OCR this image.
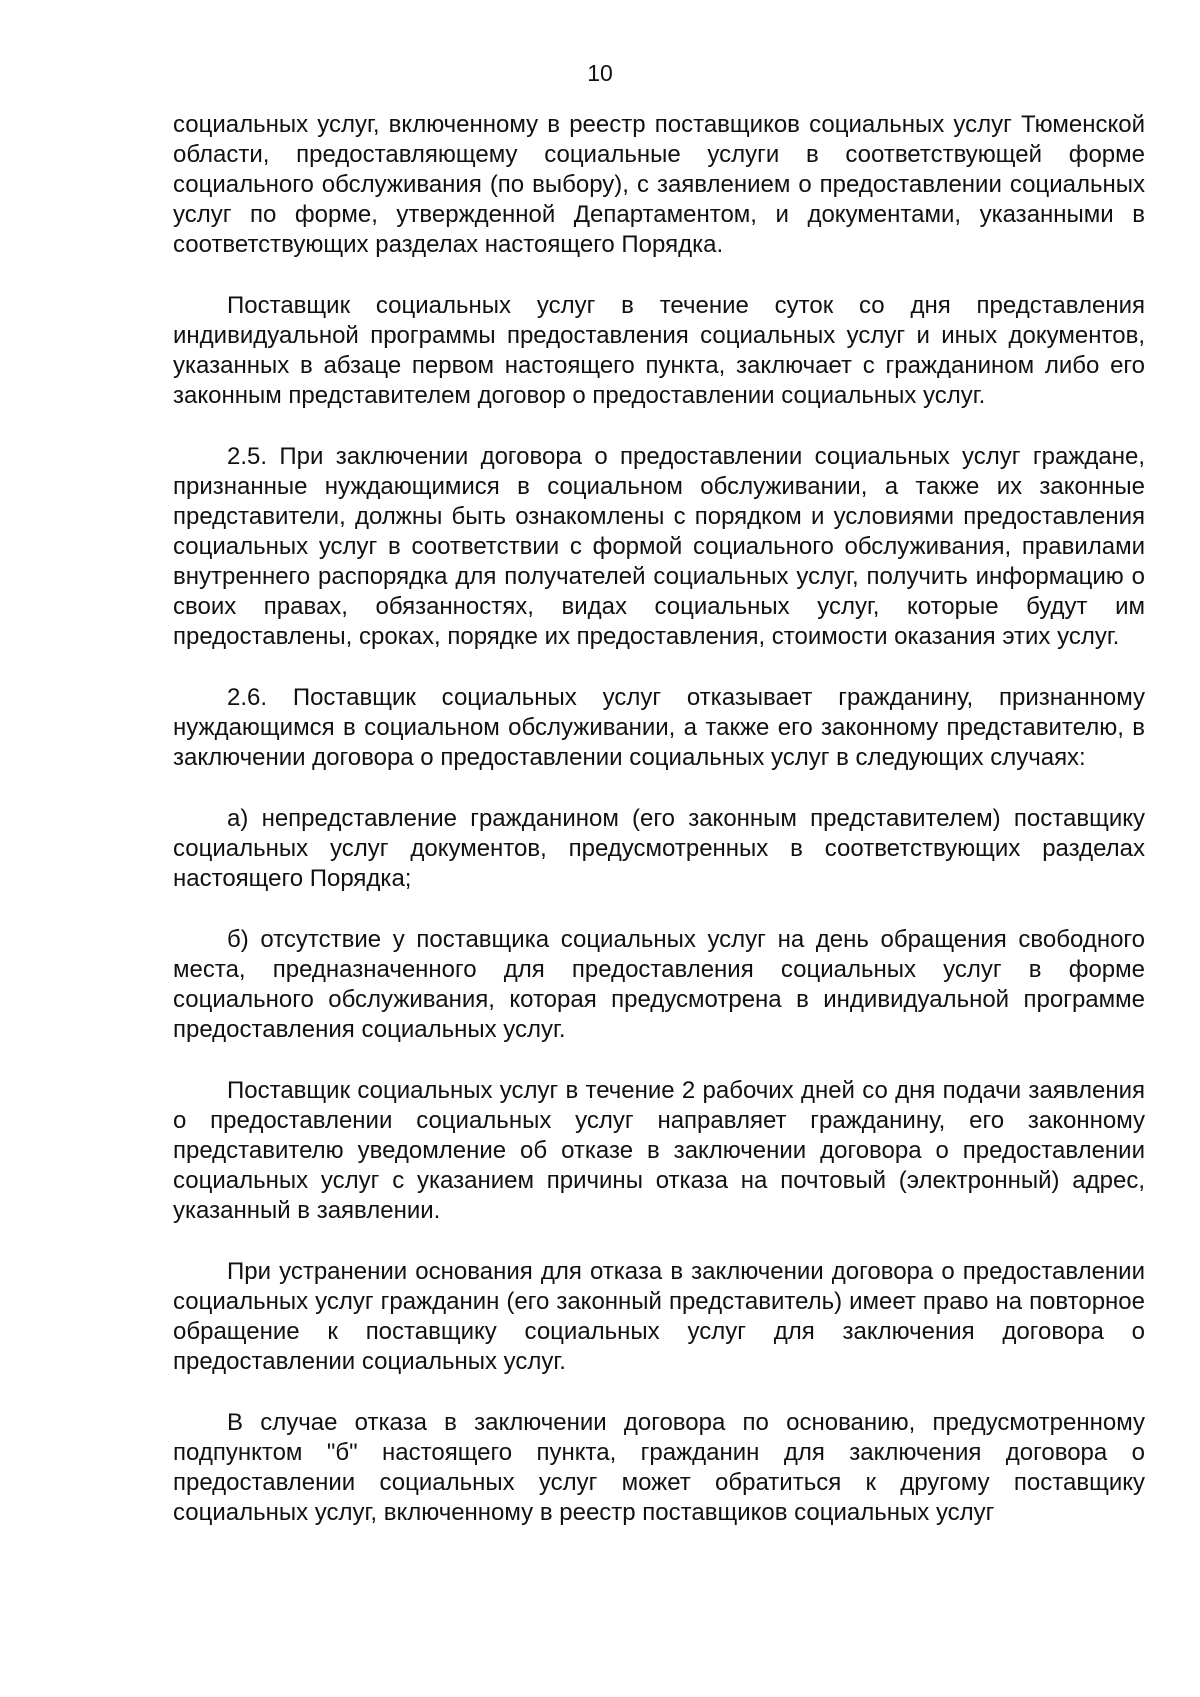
10

социальных услуг, включенному в реестр поставщиков социальных услуг Тюменской области, предоставляющему социальные услуги в соответствующей форме социального обслуживания (по выбору), с заявлением о предоставлении социальных услуг по форме, утвержденной Департаментом, и документами, указанными в соответствующих разделах настоящего Порядка.

Поставщик социальных услуг в течение суток со дня представления индивидуальной программы предоставления социальных услуг и иных документов, указанных в абзаце первом настоящего пункта, заключает с гражданином либо его законным представителем договор о предоставлении социальных услуг.

2.5. При заключении договора о предоставлении социальных услуг граждане, признанные нуждающимися в социальном обслуживании, а также их законные представители, должны быть ознакомлены с порядком и условиями предоставления социальных услуг в соответствии с формой социального обслуживания, правилами внутреннего распорядка для получателей социальных услуг, получить информацию о своих правах, обязанностях, видах социальных услуг, которые будут им предоставлены, сроках, порядке их предоставления, стоимости оказания этих услуг.

2.6. Поставщик социальных услуг отказывает гражданину, признанному нуждающимся в социальном обслуживании, а также его законному представителю, в заключении договора о предоставлении социальных услуг в следующих случаях:

а) непредставление гражданином (его законным представителем) поставщику социальных услуг документов, предусмотренных в соответствующих разделах настоящего Порядка;

б) отсутствие у поставщика социальных услуг на день обращения свободного места, предназначенного для предоставления социальных услуг в форме социального обслуживания, которая предусмотрена в индивидуальной программе предоставления социальных услуг.

Поставщик социальных услуг в течение 2 рабочих дней со дня подачи заявления о предоставлении социальных услуг направляет гражданину, его законному представителю уведомление об отказе в заключении договора о предоставлении социальных услуг с указанием причины отказа на почтовый (электронный) адрес, указанный в заявлении.

При устранении основания для отказа в заключении договора о предоставлении социальных услуг гражданин (его законный представитель) имеет право на повторное обращение к поставщику социальных услуг для заключения договора о предоставлении социальных услуг.

В случае отказа в заключении договора по основанию, предусмотренному подпунктом "б" настоящего пункта, гражданин для заключения договора о предоставлении социальных услуг может обратиться к другому поставщику социальных услуг, включенному в реестр поставщиков социальных услуг
